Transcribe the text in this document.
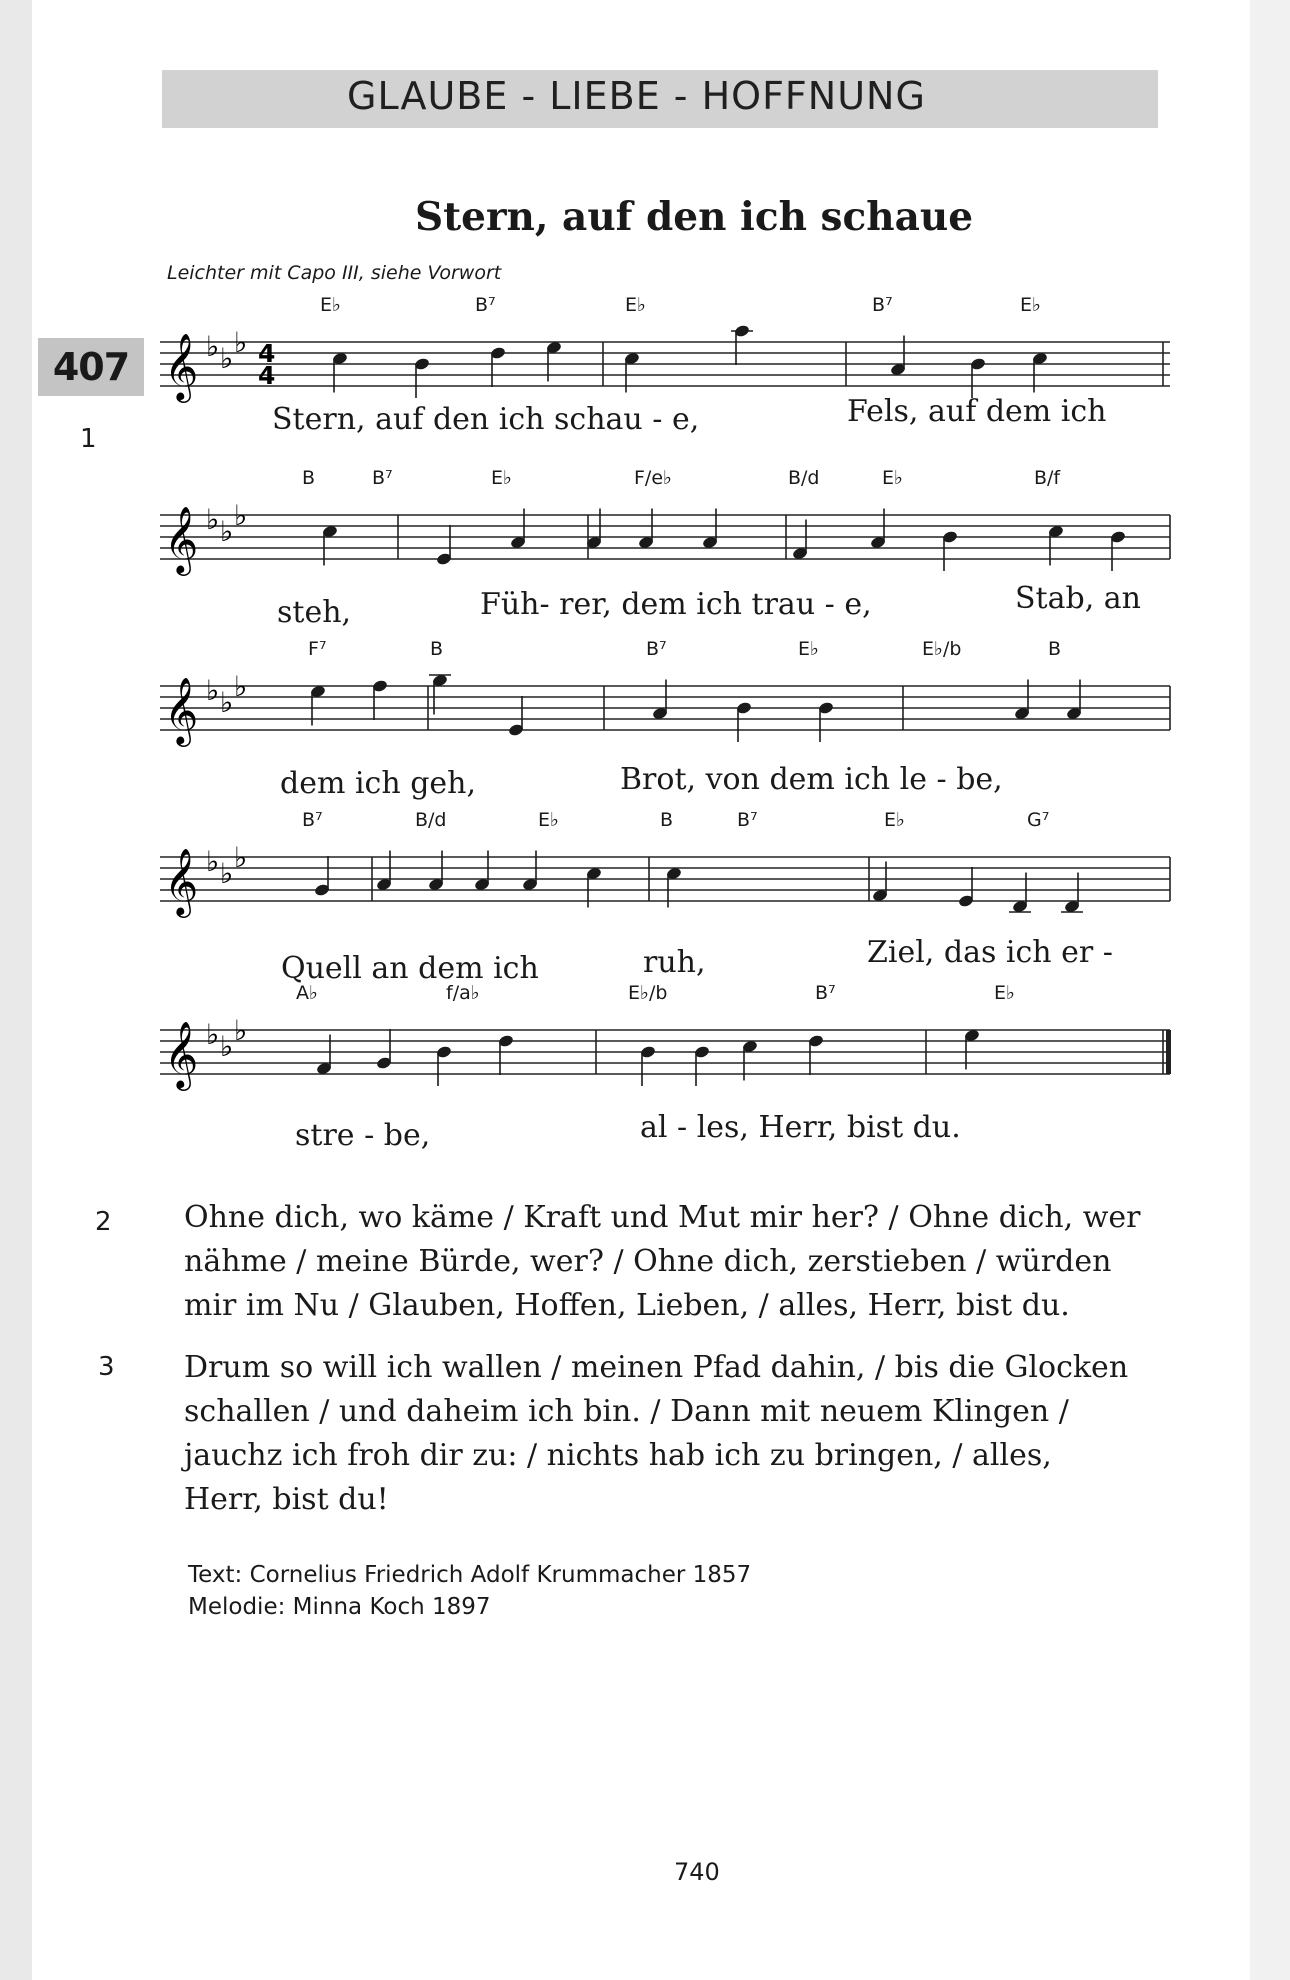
GLAUBE - LIEBE - HOFFNUNG
Stern, auf den ich schaue
Leichter mit Capo III, siehe Vorwort
407
1
𝄞 ♭ ♭ ♭ 4
4
E♭	B⁷	E♭	B⁷	E♭
Stern, auf den ich schau - e,	Fels, auf dem ich
𝄞 ♭ ♭ ♭
B	B⁷	E♭	F/e♭	B/d	E♭	B/f
steh,	Füh- rer, dem ich trau - e,	Stab, an
𝄞 ♭ ♭ ♭
F⁷	B	B⁷	E♭	E♭/b	B
dem ich geh,	Brot, von dem ich le - be,
𝄞 ♭ ♭ ♭
B⁷	B/d	E♭	B	B⁷	E♭	G⁷
Quell an dem ich	ruh,	Ziel, das ich er -
𝄞 ♭ ♭ ♭
A♭	f/a♭	E♭/b	B⁷	E♭
stre - be,	al - les, Herr, bist du.
2 Ohne dich, wo käme / Kraft und Mut mir her? / Ohne dich, wer
nähme / meine Bürde, wer? / Ohne dich, zerstieben / würden
mir im Nu / Glauben, Hoffen, Lieben, / alles, Herr, bist du.
3 Drum so will ich wallen / meinen Pfad dahin, / bis die Glocken
schallen / und daheim ich bin. / Dann mit neuem Klingen /
jauchz ich froh dir zu: / nichts hab ich zu bringen, / alles,
Herr, bist du!
Text: Cornelius Friedrich Adolf Krummacher 1857
Melodie: Minna Koch 1897
740
